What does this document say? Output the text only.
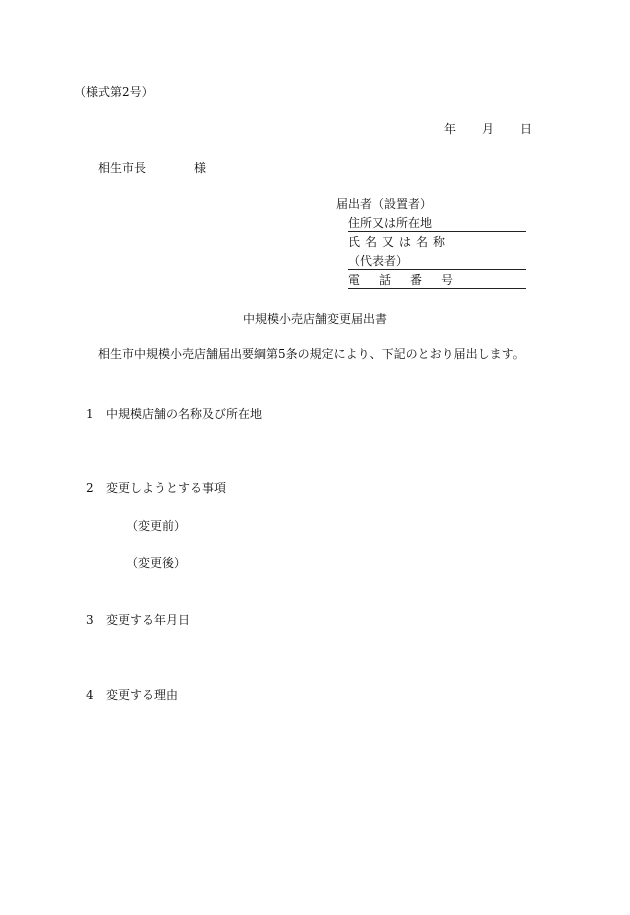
（様式第2号）
年 月 日
相生市長	様
届出者（設置者）
住所又は所在地
氏名又は名称
（代表者）
電 話 番 号
中規模小売店舗変更届出書
相生市中規模小売店舗届出要綱第5条の規定により、下記のとおり届出します。
1 中規模店舗の名称及び所在地
2 変更しようとする事項
（変更前）
（変更後）
3 変更する年月日
4 変更する理由
